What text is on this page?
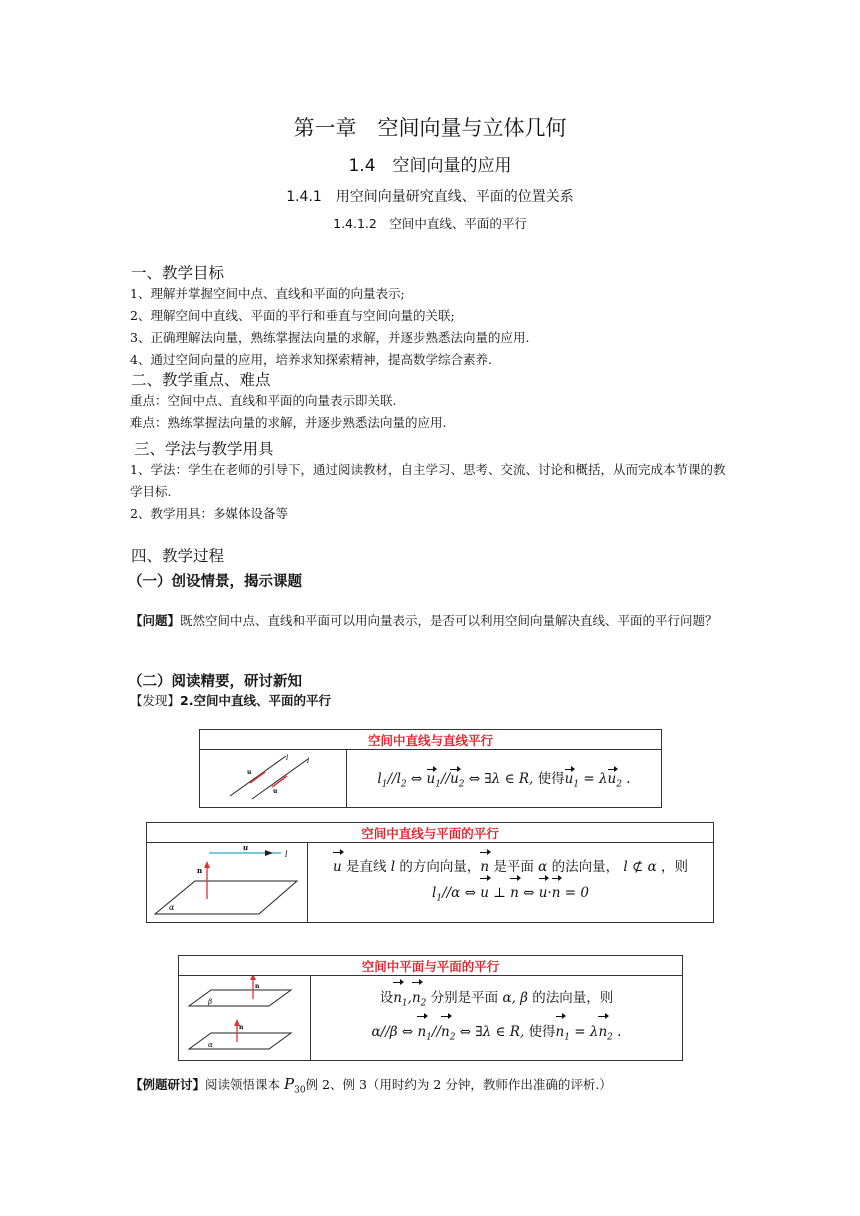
第一章　空间向量与立体几何
1.4　空间向量的应用
1.4.1　用空间向量研究直线、平面的位置关系
1.4.1.2　空间中直线、平面的平行
一、教学目标
1、理解并掌握空间中点、直线和平面的向量表示;
2、理解空间中直线、平面的平行和垂直与空间向量的关联;
3、正确理解法向量，熟练掌握法向量的求解，并逐步熟悉法向量的应用.
4、通过空间向量的应用，培养求知探索精神，提高数学综合素养.
二、教学重点、难点
重点：空间中点、直线和平面的向量表示即关联.
难点：熟练掌握法向量的求解，并逐步熟悉法向量的应用.
三、学法与教学用具
1、学法：学生在老师的引导下，通过阅读教材，自主学习、思考、交流、讨论和概括，从而完成本节课的教学目标.
2、教学用具：多媒体设备等
四、教学过程
（一）创设情景，揭示课题
【问题】既然空间中点、直线和平面可以用向量表示，是否可以利用空间向量解决直线、平面的平行问题？
（二）阅读精要，研讨新知
【发现】2.空间中直线、平面的平行
空间中直线与直线平行

l	l
u
u
	$l_1//l_2$ ⇔ $u_1//u_2$ ⇔ ∃λ ∈ R, 使得$u_1 = \lambda u_2$ .
空间中直线与平面的平行

u
l
n
α

u 是直线 l 的方向向量，n 是平面 α 的法向量， l ⊄ α ，则
$l_1//\alpha$ ⇔ u ⊥ n ⇔ u·n = 0
空间中平面与平面的平行

n
n
β
α

设$n_1,n_2$ 分别是平面 α, β 的法向量，则
α//β ⇔ $n_1//n_2$ ⇔ ∃λ ∈ R, 使得$n_1 = \lambda n_2$ .
【例题研讨】阅读领悟课本 $P_{30}$例 2、例 3（用时约为 2 分钟，教师作出准确的评析.）
